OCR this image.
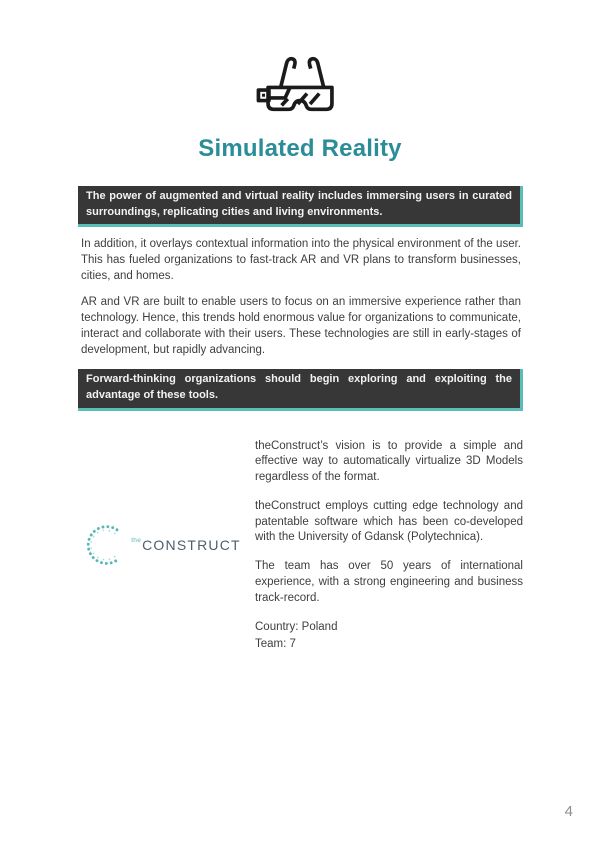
Simulated Reality
The power of augmented and virtual reality includes immersing users in curated surroundings, replicating cities and living environments.

In addition, it overlays contextual information into the physical environment of the user. This has fueled organizations to fast-track AR and VR plans to transform businesses, cities, and homes.

AR and VR are built to enable users to focus on an immersive experience rather than technology. Hence, this trends hold enormous value for organizations to communicate, interact and collaborate with their users. These technologies are still in early-stages of development, but rapidly advancing.

Forward-thinking organizations should begin exploring and exploiting the advantage of these tools.
the CONSTRUCT

theConstruct’s vision is to provide a simple and effective way to automatically virtualize 3D Models regardless of the format.

theConstruct employs cutting edge technology and patentable software which has been co-developed with the University of Gdansk (Polytechnica).

The team has over 50 years of international experience, with a strong engineering and business track-record.

Country: Poland
Team: 7

4
